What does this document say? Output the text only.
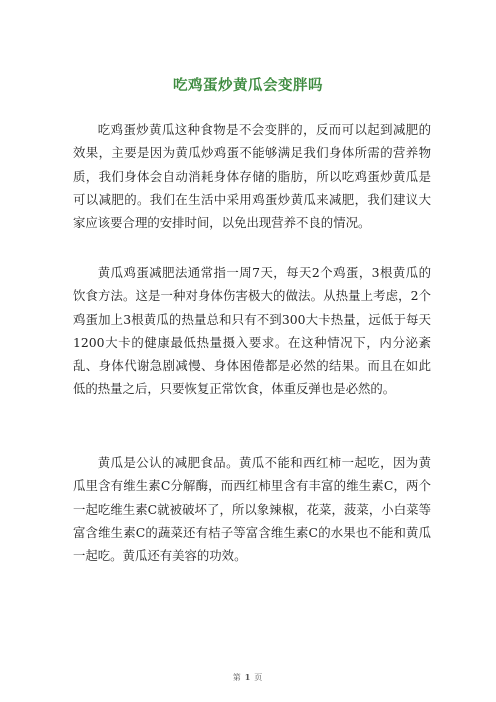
吃鸡蛋炒黄瓜会变胖吗

吃鸡蛋炒黄瓜这种食物是不会变胖的，反而可以起到减肥的效果，主要是因为黄瓜炒鸡蛋不能够满足我们身体所需的营养物质，我们身体会自动消耗身体存储的脂肪，所以吃鸡蛋炒黄瓜是可以减肥的。我们在生活中采用鸡蛋炒黄瓜来减肥，我们建议大家应该要合理的安排时间，以免出现营养不良的情况。

黄瓜鸡蛋减肥法通常指一周7天，每天2个鸡蛋，3根黄瓜的饮食方法。这是一种对身体伤害极大的做法。从热量上考虑，2个鸡蛋加上3根黄瓜的热量总和只有不到300大卡热量，远低于每天1200大卡的健康最低热量摄入要求。在这种情况下，内分泌紊乱、身体代谢急剧减慢、身体困倦都是必然的结果。而且在如此低的热量之后，只要恢复正常饮食，体重反弹也是必然的。

黄瓜是公认的减肥食品。黄瓜不能和西红柿一起吃，因为黄瓜里含有维生素C分解酶，而西红柿里含有丰富的维生素C，两个一起吃维生素C就被破坏了，所以象辣椒，花菜，菠菜，小白菜等富含维生素C的蔬菜还有桔子等富含维生素C的水果也不能和黄瓜一起吃。黄瓜还有美容的功效。

第 1 页
